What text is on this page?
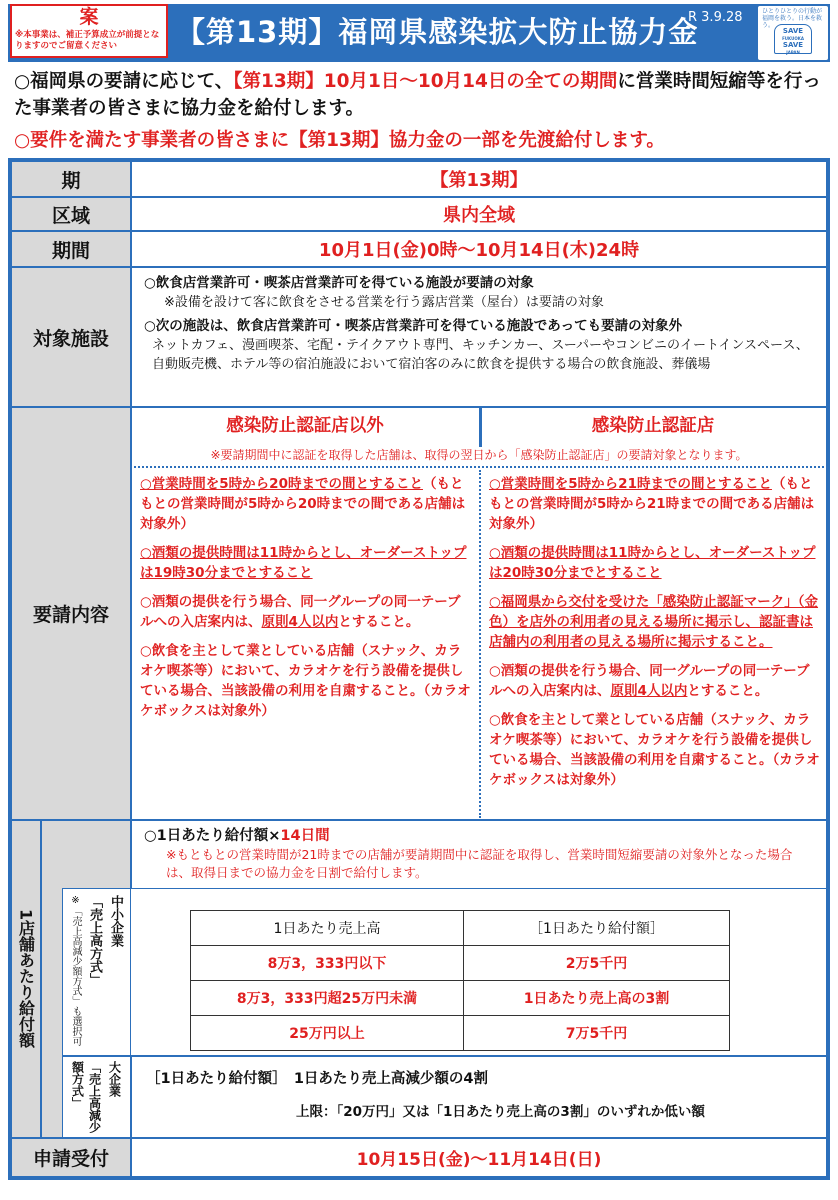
案
※本事業は、補正予算成立が前提となりますのでご留意ください	【第13期】福岡県感染拡大防止協力金
R 3.9.28	ひとりひとりの行動が 福岡を救う。日本を救う。
SAVE
FUKUOKA
SAVE
JAPAN
○福岡県の要請に応じて、【第13期】10月1日～10月14日の全ての期間に営業時間短縮等を行った事業者の皆さまに協力金を給付します。
○要件を満たす事業者の皆さまに【第13期】協力金の一部を先渡給付します。
期	【第13期】
区域	県内全域
期間	10月1日(金)0時～10月14日(木)24時
対象施設
○飲食店営業許可・喫茶店営業許可を得ている施設が要請の対象
※設備を設けて客に飲食をさせる営業を行う露店営業（屋台）は要請の対象
○次の施設は、飲食店営業許可・喫茶店営業許可を得ている施設であっても要請の対象外
ネットカフェ、漫画喫茶、宅配・テイクアウト専門、キッチンカー、スーパーやコンビニのイートインスペース、自動販売機、ホテル等の宿泊施設において宿泊客のみに飲食を提供する場合の飲食施設、葬儀場
要請内容
感染防止認証店以外	感染防止認証店
※要請期間中に認証を取得した店舗は、取得の翌日から「感染防止認証店」の要請対象となります。
○営業時間を5時から20時までの間とすること（もともとの営業時間が5時から20時までの間である店舗は対象外）
○酒類の提供時間は11時からとし、オーダーストップは19時30分までとすること
○酒類の提供を行う場合、同一グループの同一テーブルへの入店案内は、原則4人以内とすること。
○飲食を主として業としている店舗（スナック、カラオケ喫茶等）において、カラオケを行う設備を提供している場合、当該設備の利用を自粛すること。（カラオケボックスは対象外）
○営業時間を5時から21時までの間とすること（もともとの営業時間が5時から21時までの間である店舗は対象外）
○酒類の提供時間は11時からとし、オーダーストップは20時30分までとすること
○福岡県から交付を受けた「感染防止認証マーク」（金色）を店外の利用者の見える場所に掲示し、認証書は店舗内の利用者の見える場所に掲示すること。
○酒類の提供を行う場合、同一グループの同一テーブルへの入店案内は、原則4人以内とすること。
○飲食を主として業としている店舗（スナック、カラオケ喫茶等）において、カラオケを行う設備を提供している場合、当該設備の利用を自粛すること。（カラオケボックスは対象外）
1店舗あたり給付額
○1日あたり給付額×14日間
※もともとの営業時間が21時までの店舗が要請期間中に認証を取得し、営業時間短縮要請の対象外となった場合は、取得日までの協力金を日割で給付します。
中小企業
「売上高方式」
※「売上高減少額方式」も選択可	1日あたり売上高	［1日あたり給付額］
8万3，333円以下	2万5千円
8万3，333円超25万円未満	1日あたり売上高の3割
25万円以上	7万5千円
大企業
「売上高減少額方式」	［1日あたり給付額］　1日あたり売上高減少額の4割
上限：「20万円」又は「1日あたり売上高の3割」のいずれか低い額
申請受付	10月15日(金)～11月14日(日)
